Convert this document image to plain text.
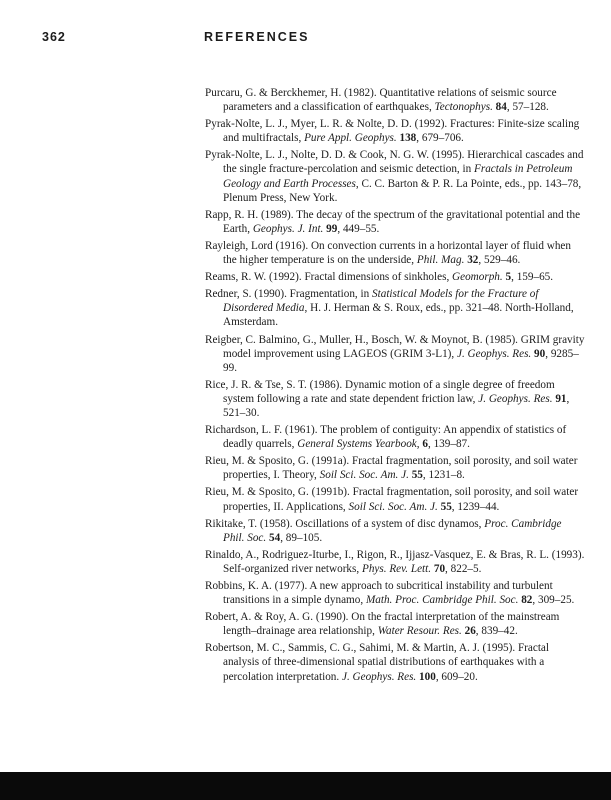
362	REFERENCES

Purcaru, G. & Berckhemer, H. (1982). Quantitative relations of seismic source parameters and a classification of earthquakes, Tectonophys. 84, 57–128.

Pyrak-Nolte, L. J., Myer, L. R. & Nolte, D. D. (1992). Fractures: Finite-size scaling and multifractals, Pure Appl. Geophys. 138, 679–706.

Pyrak-Nolte, L. J., Nolte, D. D. & Cook, N. G. W. (1995). Hierarchical cascades and the single fracture-percolation and seismic detection, in Fractals in Petroleum Geology and Earth Processes, C. C. Barton & P. R. La Pointe, eds., pp. 143–78, Plenum Press, New York.

Rapp, R. H. (1989). The decay of the spectrum of the gravitational potential and the Earth, Geophys. J. Int. 99, 449–55.

Rayleigh, Lord (1916). On convection currents in a horizontal layer of fluid when the higher temperature is on the underside, Phil. Mag. 32, 529–46.

Reams, R. W. (1992). Fractal dimensions of sinkholes, Geomorph. 5, 159–65.

Redner, S. (1990). Fragmentation, in Statistical Models for the Fracture of Disordered Media, H. J. Herman & S. Roux, eds., pp. 321–48. North-Holland, Amsterdam.

Reigber, C. Balmino, G., Muller, H., Bosch, W. & Moynot, B. (1985). GRIM gravity model improvement using LAGEOS (GRIM 3-L1), J. Geophys. Res. 90, 9285–99.

Rice, J. R. & Tse, S. T. (1986). Dynamic motion of a single degree of freedom system following a rate and state dependent friction law, J. Geophys. Res. 91, 521–30.

Richardson, L. F. (1961). The problem of contiguity: An appendix of statistics of deadly quarrels, General Systems Yearbook, 6, 139–87.

Rieu, M. & Sposito, G. (1991a). Fractal fragmentation, soil porosity, and soil water properties, I. Theory, Soil Sci. Soc. Am. J. 55, 1231–8.

Rieu, M. & Sposito, G. (1991b). Fractal fragmentation, soil porosity, and soil water properties, II. Applications, Soil Sci. Soc. Am. J. 55, 1239–44.

Rikitake, T. (1958). Oscillations of a system of disc dynamos, Proc. Cambridge Phil. Soc. 54, 89–105.

Rinaldo, A., Rodriguez-Iturbe, I., Rigon, R., Ijjasz-Vasquez, E. & Bras, R. L. (1993). Self-organized river networks, Phys. Rev. Lett. 70, 822–5.

Robbins, K. A. (1977). A new approach to subcritical instability and turbulent transitions in a simple dynamo, Math. Proc. Cambridge Phil. Soc. 82, 309–25.

Robert, A. & Roy, A. G. (1990). On the fractal interpretation of the mainstream length–drainage area relationship, Water Resour. Res. 26, 839–42.

Robertson, M. C., Sammis, C. G., Sahimi, M. & Martin, A. J. (1995). Fractal analysis of three-dimensional spatial distributions of earthquakes with a percolation interpretation. J. Geophys. Res. 100, 609–20.
